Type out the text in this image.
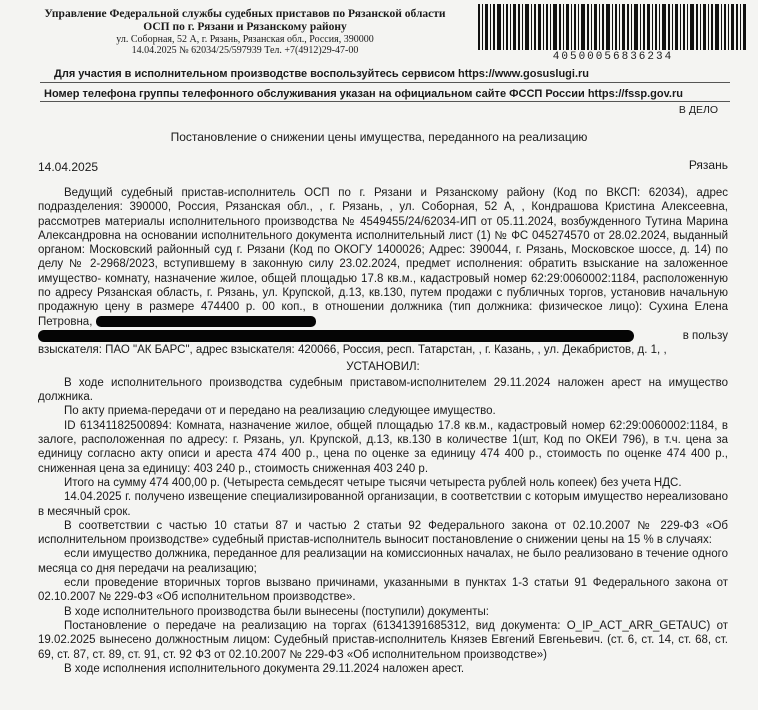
Управление Федеральной службы судебных приставов по Рязанской области
ОСП по г. Рязани и Рязанскому району
ул. Соборная, 52 А, г. Рязань, Рязанская обл., Россия, 390000
14.04.2025 № 62034/25/597939 Тел. +7(4912)29-47-00
40500056836234
Для участия в исполнительном производстве воспользуйтесь сервисом https://www.gosuslugi.ru
Номер телефона группы телефонного обслуживания указан на официальном сайте ФССП России https://fssp.gov.ru
В ДЕЛО
Постановление о снижении цены имущества, переданного на реализацию
14.04.2025	Рязань

Ведущий судебный пристав-исполнитель ОСП по г. Рязани и Рязанскому району (Код по ВКСП: 62034), адрес подразделения: 390000, Россия, Рязанская обл., , г. Рязань, , ул. Соборная, 52 А, , Кондрашова Кристина Алексеевна, рассмотрев материалы исполнительного производства № 4549455/24/62034-ИП от 05.11.2024, возбужденного Тутина Марина Александровна на основании исполнительного документа исполнительный лист (1) № ФС 045274570 от 28.02.2024, выданный органом: Московский районный суд г. Рязани (Код по ОКОГУ 1400026; Адрес: 390044, г. Рязань, Московское шоссе, д. 14) по делу № 2-2968/2023, вступившему в законную силу 23.02.2024, предмет исполнения: обратить взыскание на заложенное имущество- комнату, назначение жилое, общей площадью 17.8 кв.м., кадастровый номер 62:29:0060002:1184, расположенную по адресу Рязанская область, г. Рязань, ул. Крупской, д.13, кв.130, путем продажи с публичных торгов, установив начальную продажную цену в размере 474400 р. 00 коп., в отношении должника (тип должника: физическое лицо): Сухина Елена Петровна,

в пользу

взыскателя: ПАО "АК БАРС", адрес взыскателя: 420066, Россия, респ. Татарстан, , г. Казань, , ул. Декабристов, д. 1, ,

УСТАНОВИЛ:

В ходе исполнительного производства судебным приставом-исполнителем 29.11.2024 наложен арест на имущество должника.

По акту приема-передачи от и передано на реализацию следующее имущество.

ID 61341182500894: Комната, назначение жилое, общей площадью 17.8 кв.м., кадастровый номер 62:29:0060002:1184, в залоге, расположенная по адресу: г. Рязань, ул. Крупской, д.13, кв.130 в количестве 1(шт, Код по ОКЕИ 796), в т.ч. цена за единицу согласно акту описи и ареста 474 400 р., цена по оценке за единицу 474 400 р., стоимость по оценке 474 400 р., сниженная цена за единицу: 403 240 р., стоимость сниженная 403 240 р.

Итого на сумму 474 400,00 р. (Четыреста семьдесят четыре тысячи четыреста рублей ноль копеек) без учета НДС.

14.04.2025 г. получено извещение специализированной организации, в соответствии с которым имущество нереализовано в месячный срок.

В соответствии с частью 10 статьи 87 и частью 2 статьи 92 Федерального закона от 02.10.2007 № 229-ФЗ «Об исполнительном производстве» судебный пристав-исполнитель выносит постановление о снижении цены на 15 % в случаях:

если имущество должника, переданное для реализации на комиссионных началах, не было реализовано в течение одного месяца со дня передачи на реализацию;

если проведение вторичных торгов вызвано причинами, указанными в пунктах 1-3 статьи 91 Федерального закона от 02.10.2007 № 229-ФЗ «Об исполнительном производстве».

В ходе исполнительного производства были вынесены (поступили) документы:

Постановление о передаче на реализацию на торгах (61341391685312, вид документа: O_IP_ACT_ARR_GETAUC) от 19.02.2025 вынесено должностным лицом: Судебный пристав-исполнитель Князев Евгений Евгеньевич. (ст. 6, ст. 14, ст. 68, ст. 69, ст. 87, ст. 89, ст. 91, ст. 92 ФЗ от 02.10.2007 № 229-ФЗ «Об исполнительном производстве»)

В ходе исполнения исполнительного документа 29.11.2024 наложен арест.
